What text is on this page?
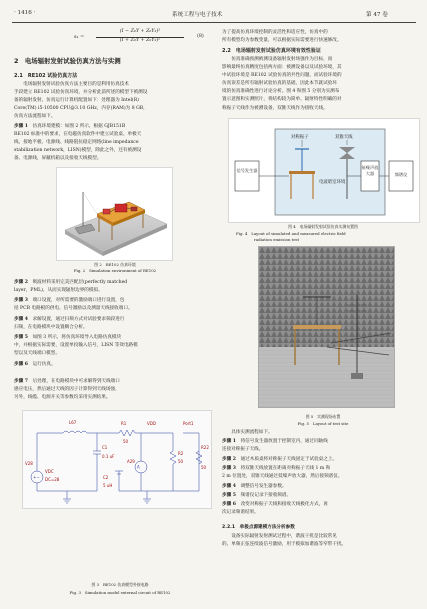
· 1416 ·	系统工程与电子技术	第 47 卷
s₁ =
(I − Z₀Y + Z₀Y₂)²
(I + Z₀Y + Z₀Y₂)²
(8)
2　电场辐射发射试验仿真方法与实测
2.1　RE102 试验仿真方法
　　电场辐射发射试验仿真方法主要目的是利用仿真技术
手段建立 RE102 试验仿真环境，并分析此前所述的模型下被测设
备的辐射发射。仿真运行计算机配置如下：处理器为 Intel(R)
Core(TM) i5-10500 CPU@3.10 GHz，内存(RAM)为 8 GB，
仿真方法流程如下。
步骤 1　仿真环境建模：如图 2 所示，根据 GJB151B
RE102 标准中的要求，在电磁仿真软件中建立试验桌、单极天
线、接地平板、电源线、线路阻抗稳定网络(line impedance
stabilization network，LISN)模型，除此之外，还有被测设
备、电源线，屏蔽机箱以及接收天线模型。
图 2　RE102 仿真环境
Fig. 2　Simulation environment of RE102
步骤 2　吸波材料采用完美匹配层(perfectly matched
layer，PML)，从而实现辐射边界的模拟。
步骤 3　端口设置，对所需要的激励端口进行设置，包
括 PCB 电路板的供电、信号激励以及测量天线接收端口。
步骤 4　求解设置，通过扫频方式对试验要求频段进行
扫频，在电路模块中设置耦合分析。
步骤 5　如图 3 所示，将仿真环境导入电路仿真模块
中，并根据实际需要，设置单投输入信号，LISN 等效电路模
型以及天线端口模型。
步骤 6　运行仿真。
步骤 7　后处理，在电路模块中可求解得到天线端口
感应电压，然后通过天线的因子计算得到天线场强，
另外，线缆、电源开关等参数均采用实测结果。
+−
A
L67
C1
0.1 uF
V28
VDC
DC=28
R1	VDD	Port1
R2
50
A29
R22
50
50
C2
5 uH
图 3　RE102 仿真模型外接电路
Fig. 3　Simulation model external circuit of RE102
为了提高仿真环境控制的灵活性和适应性，仿真中的
所有模型均为参数变量，可以根据实际需要进行快速修改。
2.2　电场辐射发射试验仿真环境有效性验证
　　仿真准确预测被测设备辐射发射场强作为目标，而
影响最终仿真精度包括两方面：被测设备以及试验环境，其
中试验环境是 RE102 试验仿真的共性问题，而试验环境的
仿真误差是所有辐射试验仿真的基础，因此本节就试验环
境的仿真准确性进行讨论分析。图 4 和图 5 分别为实测布
置示意图和实测照片，将结构较为简单、辐射特性明确的对
称振子天线作为被测设备，双锥天线作为接收天线。
对称振子	双锥天线
电波暗室环境
信号发生器
低噪声放大器	频谱仪
图 4　电场辐射发射试验仿真实测布置图
Fig. 4　Layout of simulated and measured electric field
radiation emission test
图 5　实测现场布置
Fig. 5　Layout of test site
　　具体实测流程如下。
步骤 1　将信号发生器放置于控制室内，通过同轴线
连接对称振子天线。
步骤 2　通过木质桌将对称振子天线固定于试验桌之上。
步骤 3　将双锥天线放置在距离对称振子天线 1 m 和
2 m 位置处，双锥天线通过低噪声放大器，然后接频谱仪。
步骤 4　调整信号发生器参数。
步骤 5　频谱仪记录下接收频谱。
步骤 6　改变对称振子天线和接收天线极化方式，再
次记录频谱结果。
2.2.1　单极点源建模方法分析参数
　　设备实际辐射发射测试过程中，谐波干扰是比较常见
的。单频正弦连续波信号激励，用于模拟加谐波等窄带干扰。
